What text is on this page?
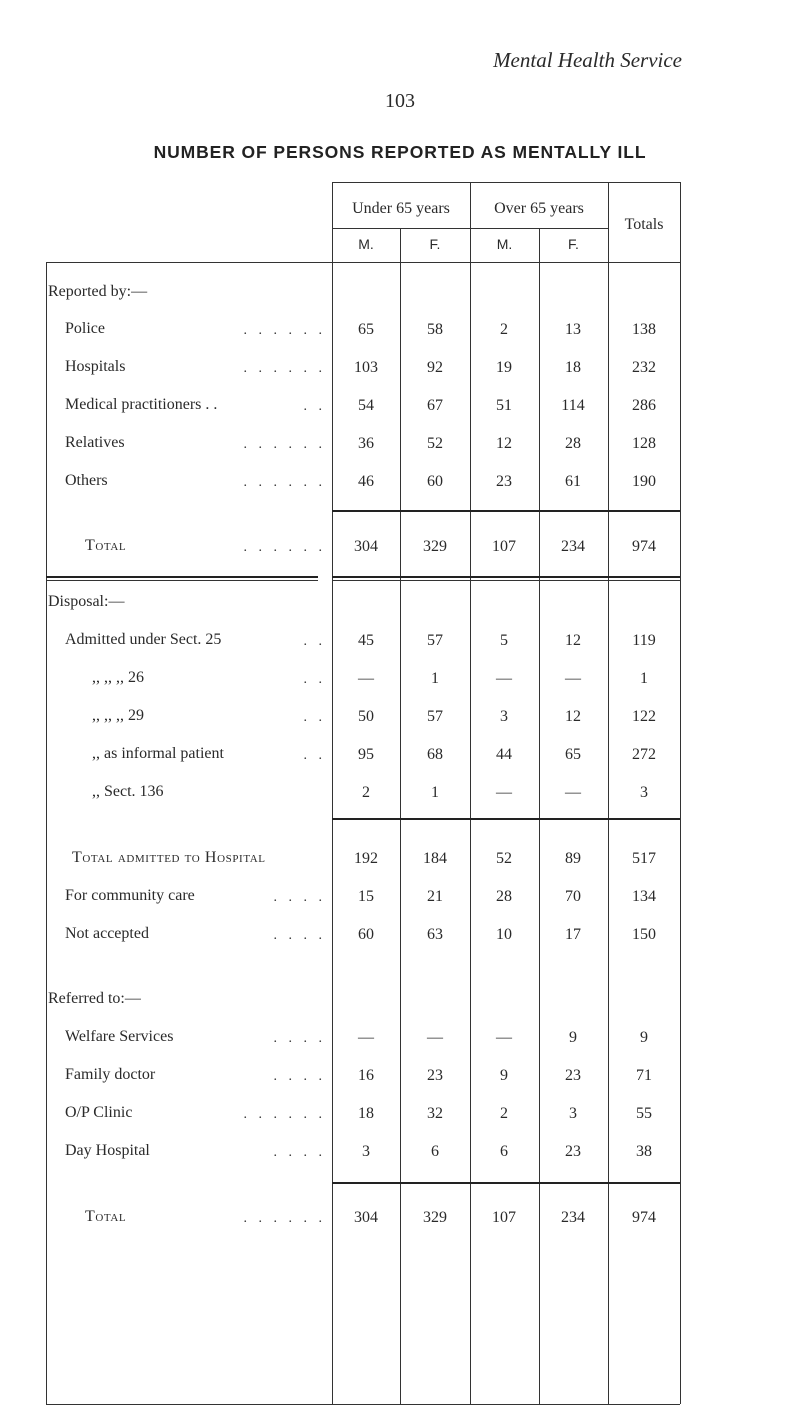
Mental Health Service
103
NUMBER OF PERSONS REPORTED AS MENTALLY ILL
Under 65 years	Over 65 years
Totals
M.	F.	M.	F.
Reported by:—
Police	. . . . . .	65	58	2	13	138
Hospitals	. . . . . .	103	92	19	18	232
Medical practitioners . .	. .	54	67	51	114	286
Relatives	. . . . . .	36	52	12	28	128
Others	. . . . . .	46	60	23	61	190
Total	. . . . . .	304	329	107	234	974
Disposal:—
Admitted under Sect. 25	. .	45	57	5	12	119
,, ,, ,, 26	. .	—	1	—	—	1
,, ,, ,, 29	. .	50	57	3	12	122
,, as informal patient	. .	95	68	44	65	272
,, Sect. 136	2	1	—	—	3
Total admitted to Hospital	192	184	52	89	517
For community care	. . . .	15	21	28	70	134
Not accepted	. . . .	60	63	10	17	150
Referred to:—
Welfare Services	. . . .	—	—	—	9	9
Family doctor	. . . .	16	23	9	23	71
O/P Clinic	. . . . . .	18	32	2	3	55
Day Hospital	. . . .	3	6	6	23	38
Total	. . . . . .	304	329	107	234	974
